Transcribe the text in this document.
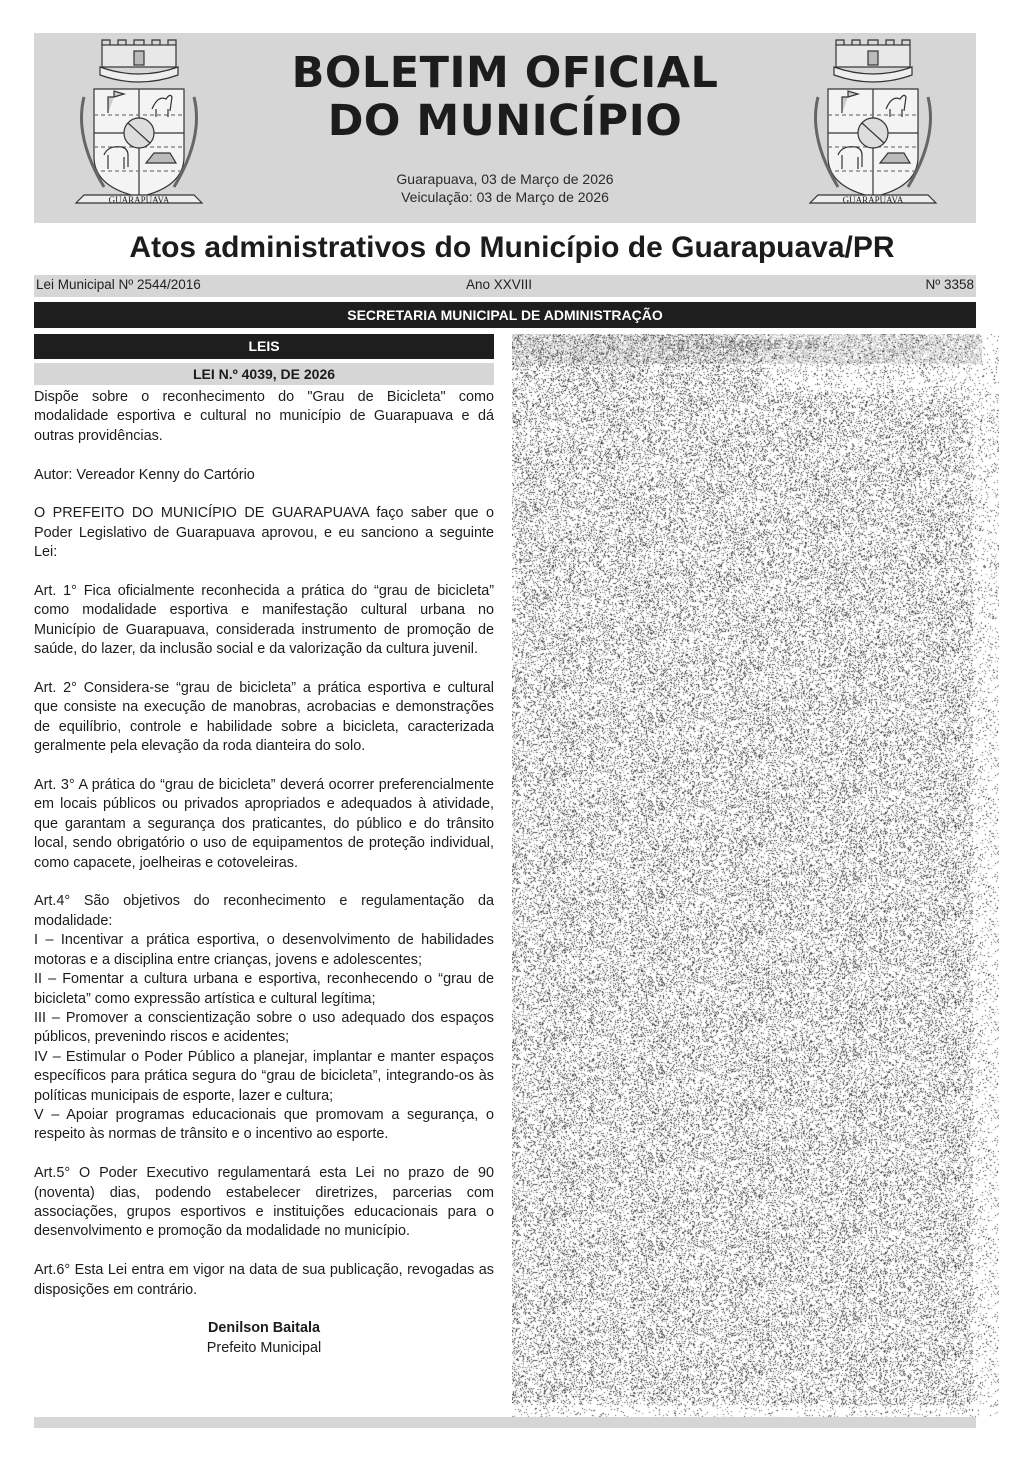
GUARAPUAVA
BOLETIM OFICIAL
DO MUNICÍPIO
Guarapuava, 03 de Março de 2026
Veiculação: 03 de Março de 2026	GUARAPUAVA
Atos administrativos do Município de Guarapuava/PR
Lei Municipal Nº 2544/2016	Ano XXVIII	Nº 3358
SECRETARIA MUNICIPAL DE ADMINISTRAÇÃO
LEIS
LEI N.º 4039, DE 2026

Dispõe sobre o reconhecimento do "Grau de Bicicleta" como modalidade esportiva e cultural no município de Guarapuava e dá outras providências.

Autor: Vereador Kenny do Cartório

O PREFEITO DO MUNICÍPIO DE GUARAPUAVA faço saber que o Poder Legislativo de Guarapuava aprovou, e eu sanciono a seguinte Lei:

Art. 1° Fica oficialmente reconhecida a prática do “grau de bicicleta” como modalidade esportiva e manifestação cultural urbana no Município de Guarapuava, considerada instrumento de promoção de saúde, do lazer, da inclusão social e da valorização da cultura juvenil.

Art. 2° Considera-se “grau de bicicleta” a prática esportiva e cultural que consiste na execução de manobras, acrobacias e demonstrações de equilíbrio, controle e habilidade sobre a bicicleta, caracterizada geralmente pela elevação da roda dianteira do solo.

Art. 3° A prática do “grau de bicicleta” deverá ocorrer preferencialmente em locais públicos ou privados apropriados e adequados à atividade, que garantam a segurança dos praticantes, do público e do trânsito local, sendo obrigatório o uso de equipamentos de proteção individual, como capacete, joelheiras e cotoveleiras.

Art.4° São objetivos do reconhecimento e regulamentação da modalidade:

I – Incentivar a prática esportiva, o desenvolvimento de habilidades motoras e a disciplina entre crianças, jovens e adolescentes;

II – Fomentar a cultura urbana e esportiva, reconhecendo o “grau de bicicleta” como expressão artística e cultural legítima;

III – Promover a conscientização sobre o uso adequado dos espaços públicos, prevenindo riscos e acidentes;

IV – Estimular o Poder Público a planejar, implantar e manter espaços específicos para prática segura do “grau de bicicleta”, integrando-os às políticas municipais de esporte, lazer e cultura;

V – Apoiar programas educacionais que promovam a segurança, o respeito às normas de trânsito e o incentivo ao esporte.

Art.5° O Poder Executivo regulamentará esta Lei no prazo de 90 (noventa) dias, podendo estabelecer diretrizes, parcerias com associações, grupos esportivos e instituições educacionais para o desenvolvimento e promoção da modalidade no município.

Art.6° Esta Lei entra em vigor na data de sua publicação, revogadas as disposições em contrário.

Denilson Baitala
Prefeito Municipal
LEI N.º 4040, DE 2026
